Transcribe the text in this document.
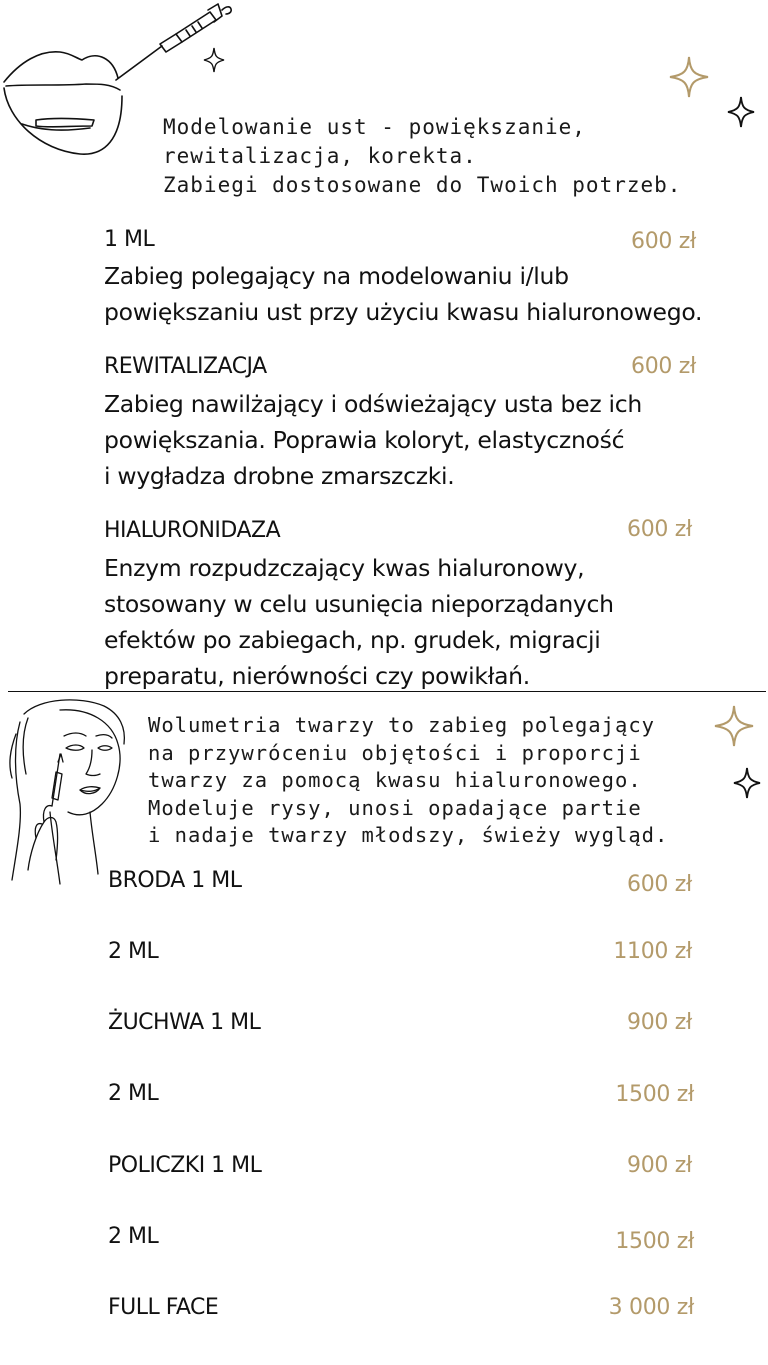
Modelowanie ust - powiększanie,
rewitalizacja, korekta.
Zabiegi dostosowane do Twoich potrzeb.
1 ML	600 zł
Zabieg polegający na modelowaniu i/lub
powiększaniu ust przy użyciu kwasu hialuronowego.
REWITALIZACJA	600 zł
Zabieg nawilżający i odświeżający usta bez ich
powiększania. Poprawia koloryt, elastyczność
i wygładza drobne zmarszczki.
HIALURONIDAZA	600 zł
Enzym rozpudzczający kwas hialuronowy,
stosowany w celu usunięcia nieporządanych
efektów po zabiegach, np. grudek, migracji
preparatu, nierówności czy powikłań.
Wolumetria twarzy to zabieg polegający
na przywróceniu objętości i proporcji
twarzy za pomocą kwasu hialuronowego.
Modeluje rysy, unosi opadające partie
i nadaje twarzy młodszy, świeży wygląd.
BRODA 1 ML	600 zł
2 ML	1100 zł
ŻUCHWA 1 ML	900 zł
2 ML	1500 zł
POLICZKI 1 ML	900 zł
2 ML	1500 zł
FULL FACE	3 000 zł
